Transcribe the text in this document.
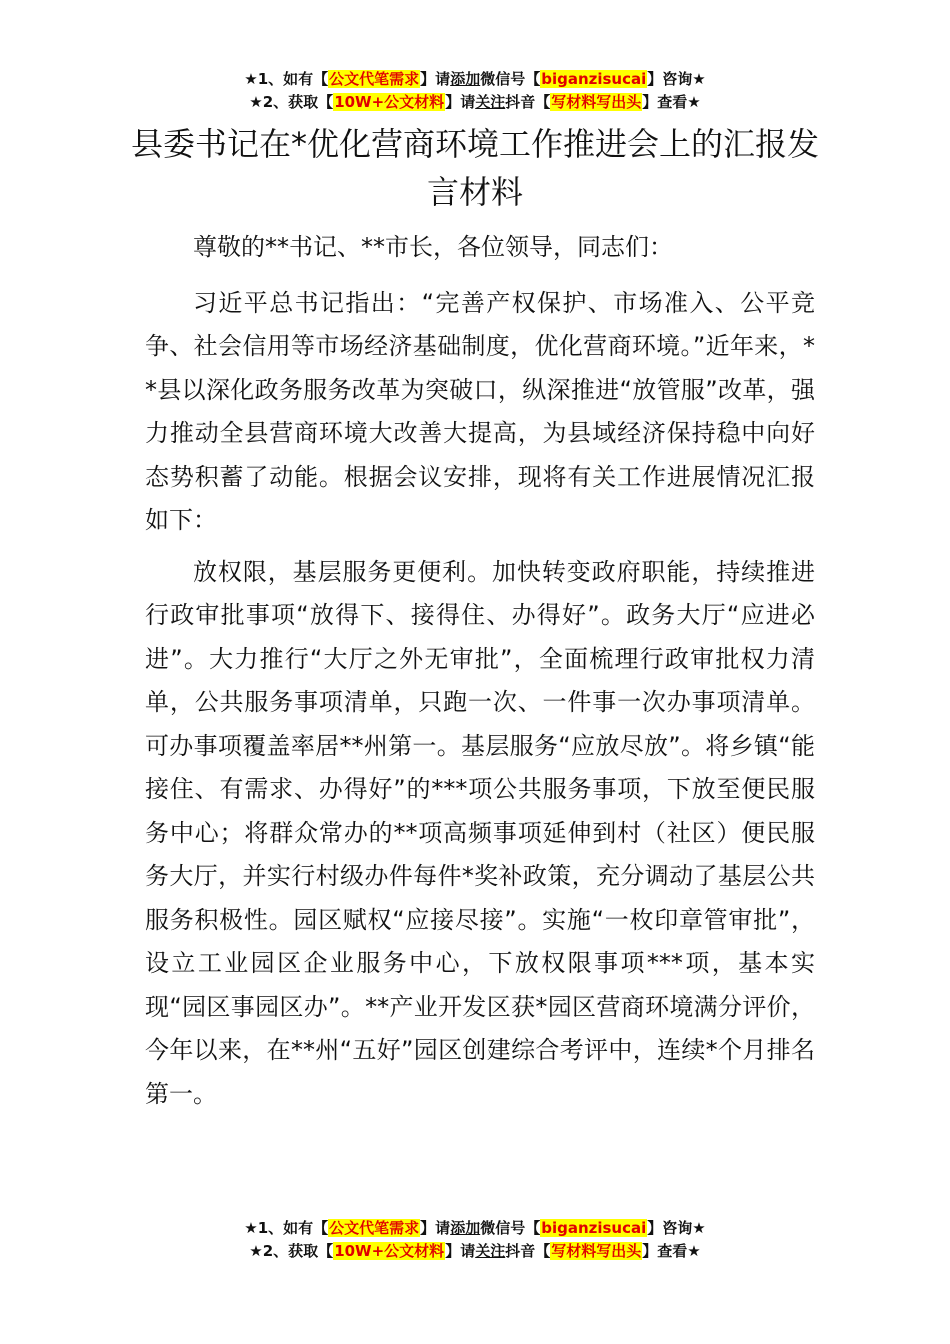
★1、如有【公文代笔需求】请添加微信号【biganzisucai】咨询★
★2、获取【10W+公文材料】请关注抖音【写材料写出头】查看★
县委书记在*优化营商环境工作推进会上的汇报发言材料

尊敬的**书记、**市长，各位领导，同志们：

习近平总书记指出：“完善产权保护、市场准入、公平竞争、社会信用等市场经济基础制度，优化营商环境。”近年来，**县以深化政务服务改革为突破口，纵深推进“放管服”改革，强力推动全县营商环境大改善大提高，为县域经济保持稳中向好态势积蓄了动能。根据会议安排，现将有关工作进展情况汇报如下：

放权限，基层服务更便利。加快转变政府职能，持续推进行政审批事项“放得下、接得住、办得好”。政务大厅“应进必进”。大力推行“大厅之外无审批”，全面梳理行政审批权力清单，公共服务事项清单，只跑一次、一件事一次办事项清单。可办事项覆盖率居**州第一。基层服务“应放尽放”。将乡镇“能接住、有需求、办得好”的***项公共服务事项，下放至便民服务中心；将群众常办的**项高频事项延伸到村（社区）便民服务大厅，并实行村级办件每件*奖补政策，充分调动了基层公共服务积极性。园区赋权“应接尽接”。实施“一枚印章管审批”，设立工业园区企业服务中心，下放权限事项***项，基本实现“园区事园区办”。**产业开发区获*园区营商环境满分评价，今年以来，在**州“五好”园区创建综合考评中，连续*个月排名第一。

★1、如有【公文代笔需求】请添加微信号【biganzisucai】咨询★
★2、获取【10W+公文材料】请关注抖音【写材料写出头】查看★
